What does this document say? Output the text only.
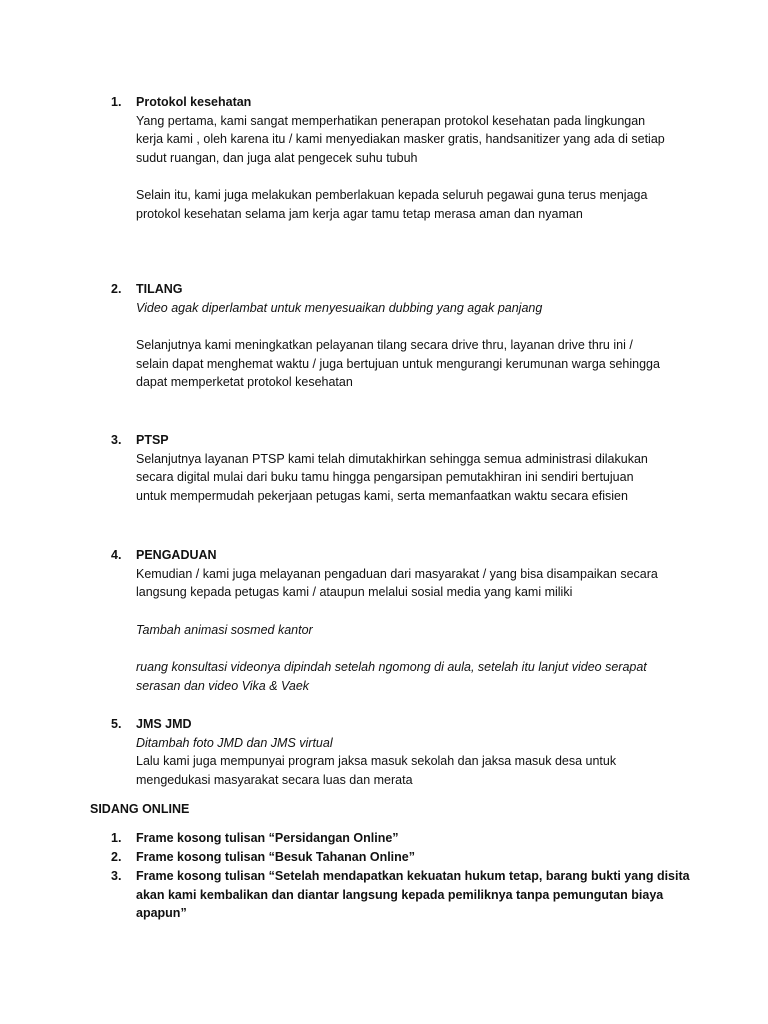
1.	Protokol kesehatan
Yang pertama, kami sangat memperhatikan penerapan protokol kesehatan pada lingkungan
kerja kami , oleh karena itu / kami menyediakan masker gratis, handsanitizer yang ada di setiap
sudut ruangan, dan juga alat pengecek suhu tubuh
Selain itu, kami juga melakukan pemberlakuan kepada seluruh pegawai guna terus menjaga
protokol kesehatan selama jam kerja agar tamu tetap merasa aman dan nyaman
2.	TILANG
Video agak diperlambat untuk menyesuaikan dubbing yang agak panjang
Selanjutnya kami meningkatkan pelayanan tilang secara drive thru, layanan drive thru ini /
selain dapat menghemat waktu / juga bertujuan untuk mengurangi kerumunan warga sehingga
dapat memperketat protokol kesehatan
3.	PTSP
Selanjutnya layanan PTSP kami telah dimutakhirkan sehingga semua administrasi dilakukan
secara digital mulai dari buku tamu hingga pengarsipan pemutakhiran ini sendiri bertujuan
untuk mempermudah pekerjaan petugas kami, serta memanfaatkan waktu secara efisien
4.	PENGADUAN
Kemudian / kami juga melayanan pengaduan dari masyarakat / yang bisa disampaikan secara
langsung kepada petugas kami / ataupun melalui sosial media yang kami miliki
Tambah animasi sosmed kantor
ruang konsultasi videonya dipindah setelah ngomong di aula, setelah itu lanjut video serapat
serasan dan video Vika & Vaek
5.	JMS JMD
Ditambah foto JMD dan JMS virtual
Lalu kami juga mempunyai program jaksa masuk sekolah dan jaksa masuk desa untuk
mengedukasi masyarakat secara luas dan merata
SIDANG ONLINE
1.	Frame kosong tulisan “Persidangan Online”
2.	Frame kosong tulisan “Besuk Tahanan Online”
3.	Frame kosong tulisan “Setelah mendapatkan kekuatan hukum tetap, barang bukti yang disita
akan kami kembalikan dan diantar langsung kepada pemiliknya tanpa pemungutan biaya
apapun”
